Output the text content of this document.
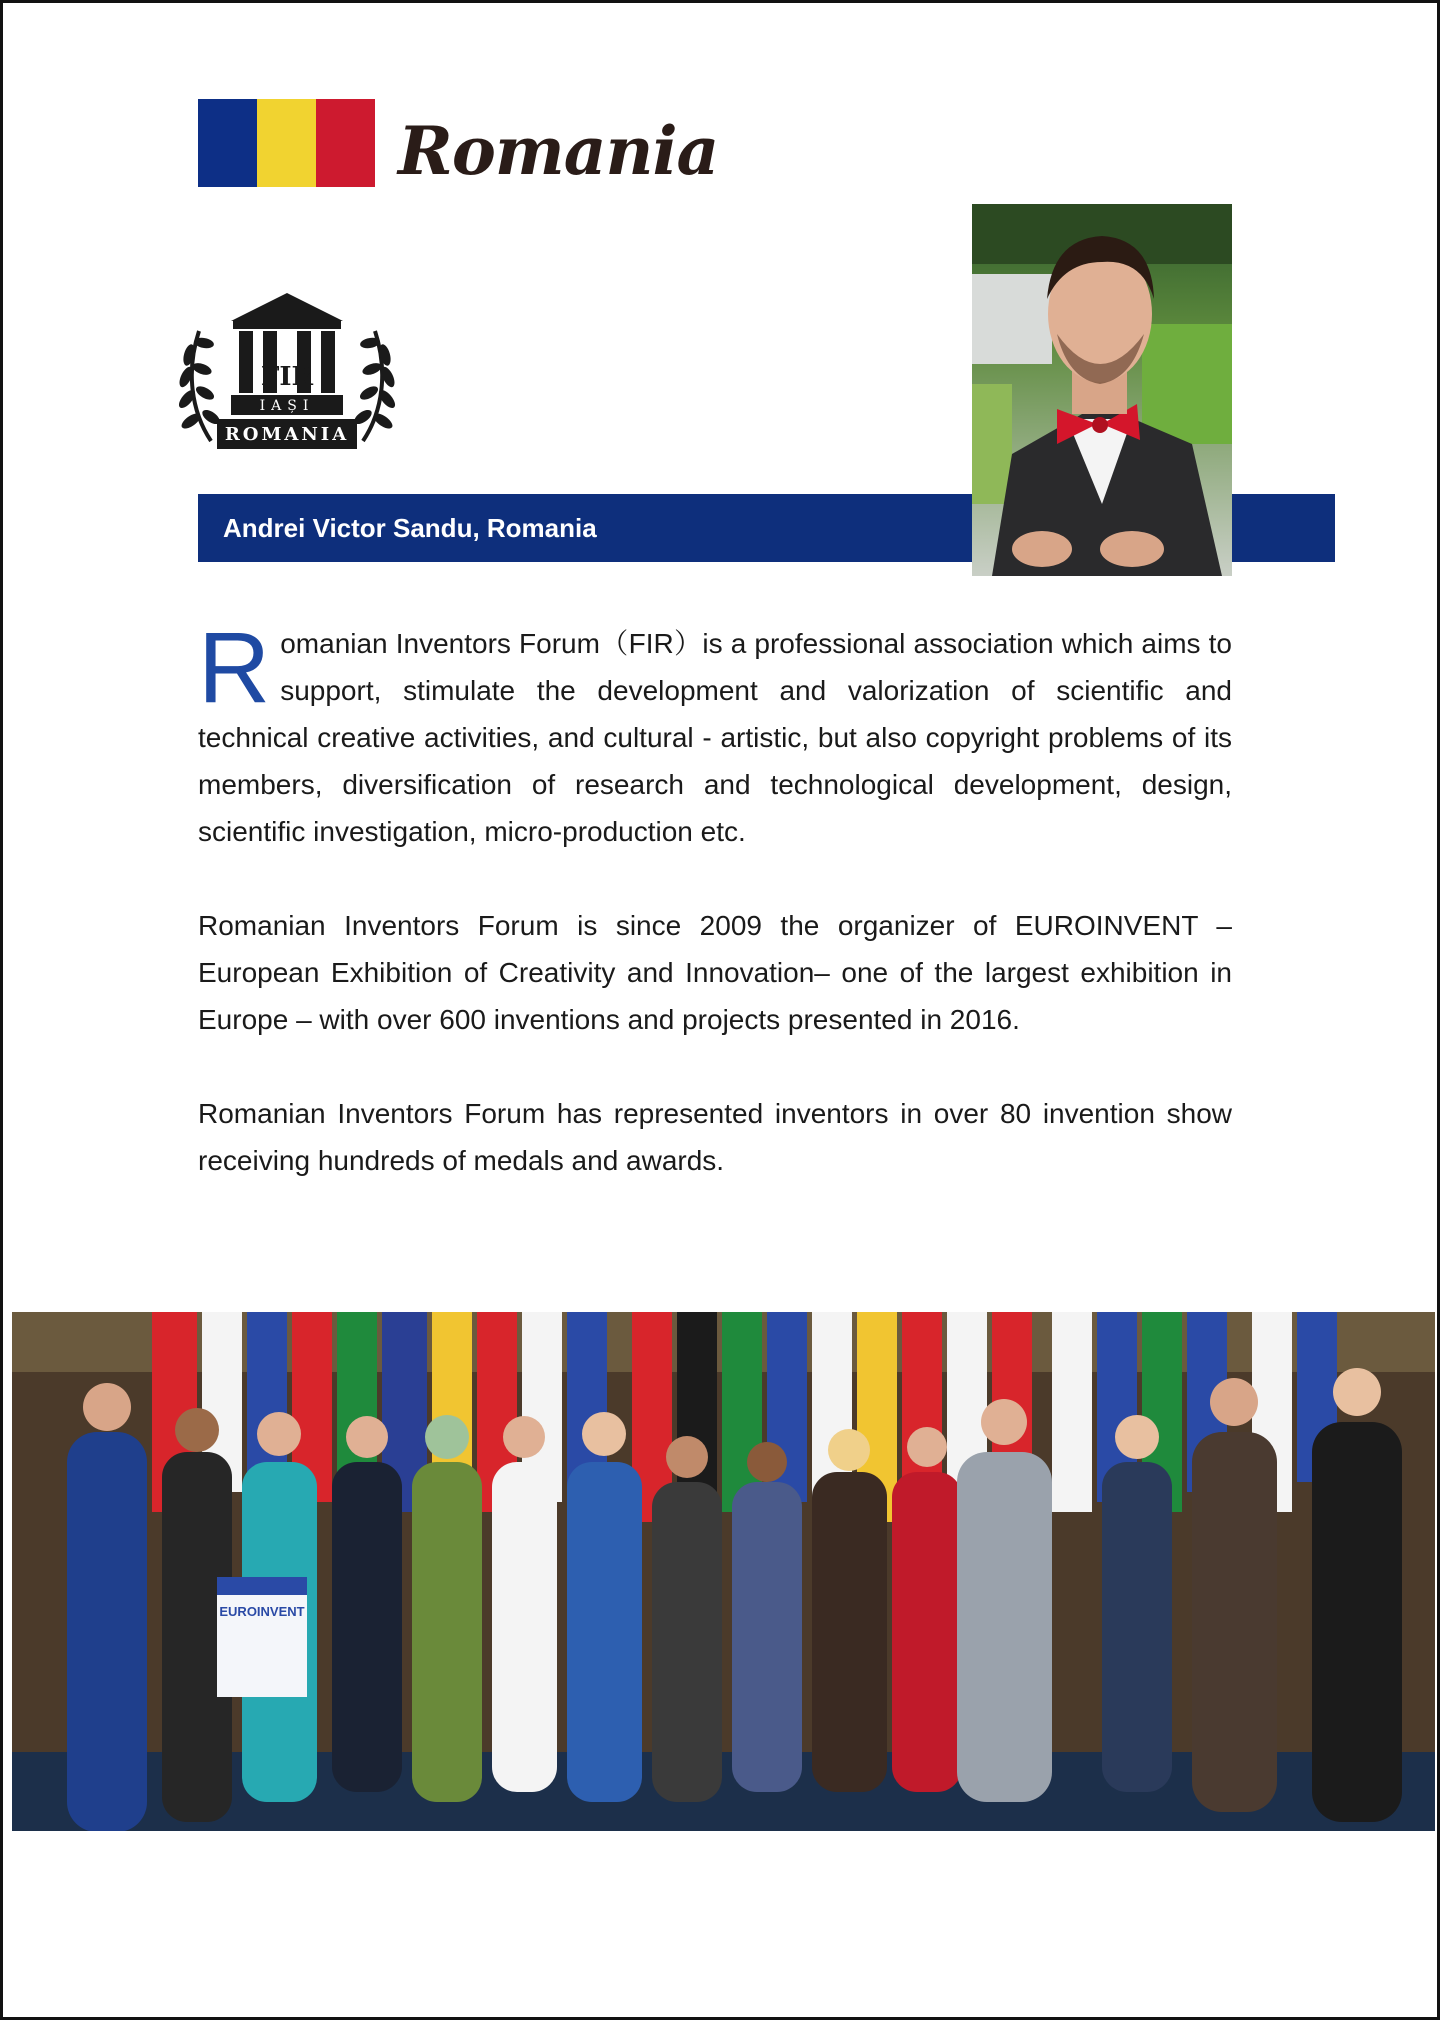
Romania
FIR
IAȘI
ROMANIA
Andrei Victor Sandu, Romania

Romanian Inventors Forum（FIR）is a professional association which aims to support, stimulate the development and valorization of scientific and technical creative activities, and cultural - artistic, but also copyright problems of its members, diversification of research and technological development, design, scientific investigation, micro-production etc.

Romanian Inventors Forum is since 2009 the organizer of EUROINVENT – European Exhibition of Creativity and Innovation– one of the largest exhibition in Europe – with over 600 inventions and projects presented in 2016.

Romanian Inventors Forum has represented inventors in over 80 invention show receiving hundreds of medals and awards.

EUROINVENT
